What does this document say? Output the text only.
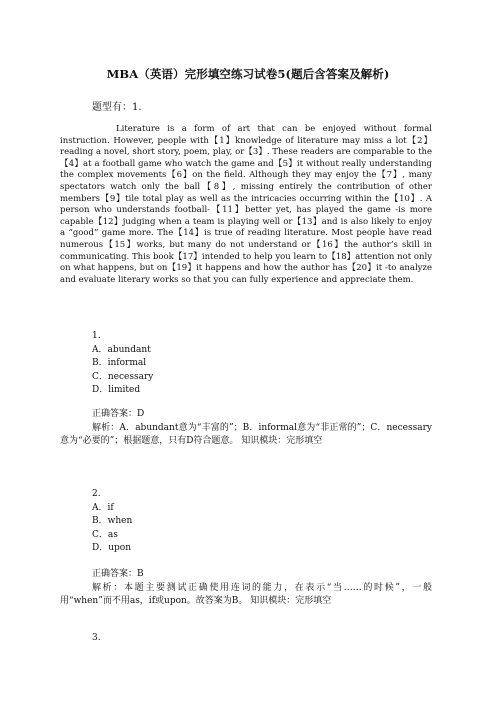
MBA（英语）完形填空练习试卷5(题后含答案及解析)
题型有：1.
Literature is a form of art that can be enjoyed without formal instruction. However, people with【1】knowledge of literature may miss a lot【2】reading a novel, short story, poem, play, or【3】. These readers are comparable to the【4】at a football game who watch the game and【5】it without really understanding the complex movements【6】on the field. Although they may enjoy the【7】, many spectators watch only the ball【8】, missing entirely the contribution of other members【9】tile total play as well as the intricacies occurring within the【10】. A person who understands football-【11】better yet, has played the game -is more capable【12】judging when a team is playing well or【13】and is also likely to enjoy a “good” game more. The【14】is true of reading literature. Most people have read numerous【15】works, but many do not understand or【16】the author’s skill in communicating. This book【17】intended to help you learn to【18】attention not only on what happens, but on【19】it happens and how the author has【20】it -to analyze and evaluate literary works so that you can fully experience and appreciate them.
1.
A．abundant
B．informal
C．necessary
D．limited
正确答案：D
解析：A．abundant意为“丰富的”；B．informal意为“非正常的”；C．necessary意为“必要的”；根据题意，只有D符合题意。 知识模块：完形填空
2.
A．if
B．when
C．as
D．upon
正确答案：B
解析：本题主要测试正确使用连词的能力，在表示“当……的时候”，一般用“when”而不用as，if或upon。故答案为B。 知识模块：完形填空
3.
